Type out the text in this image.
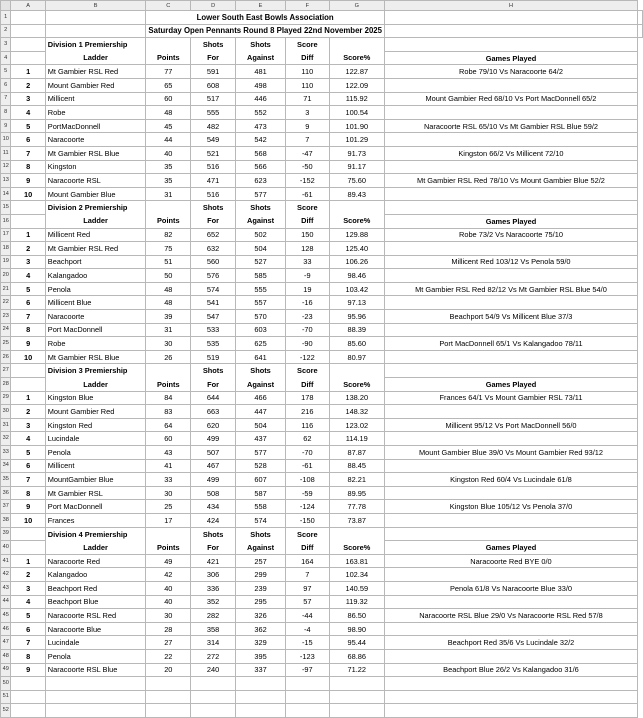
	A	B	C	D	E	F	G	H	
1			Lower South East Bowls Association						
2			Saturday Open Pennants Round 8 Played 22nd November 2025						
3		Division 1 Premiership		Shots	Shots	Score			
4		Ladder	Points	For	Against	Diff	Score%	Games Played	
5	1	Mt Gambier RSL Red	77	591	481	110	122.87	Robe 79/10 Vs Naracoorte 64/2	
6	2	Mount Gambier Red	65	608	498	110	122.09		
7	3	Millicent	60	517	446	71	115.92	Mount Gambier Red 68/10 Vs Port MacDonnell 65/2	
8	4	Robe	48	555	552	3	100.54		
9	5	PortMacDonnell	45	482	473	9	101.90	Naracoorte RSL 65/10 Vs Mt Gambier RSL Blue 59/2	
10	6	Naracoorte	44	549	542	7	101.29		
11	7	Mt Gambier RSL Blue	40	521	568	-47	91.73	Kingston 66/2 Vs Millicent 72/10	
12	8	Kingston	35	516	566	-50	91.17		
13	9	Naracoorte RSL	35	471	623	-152	75.60	Mt Gambier RSL Red 78/10 Vs Mount Gambier Blue 52/2	
14	10	Mount Gambier Blue	31	516	577	-61	89.43		
15		Division 2 Premiership		Shots	Shots	Score			
16		Ladder	Points	For	Against	Diff	Score%	Games Played	
17	1	Millicent Red	82	652	502	150	129.88	Robe 73/2 Vs Naracoorte 75/10	
18	2	Mt Gambier RSL Red	75	632	504	128	125.40		
19	3	Beachport	51	560	527	33	106.26	Millicent Red 103/12 Vs Penola 59/0	
20	4	Kalangadoo	50	576	585	-9	98.46		
21	5	Penola	48	574	555	19	103.42	Mt Gambier RSL Red 82/12 Vs Mt Gambier RSL Blue 54/0	
22	6	Millicent Blue	48	541	557	-16	97.13		
23	7	Naracoorte	39	547	570	-23	95.96	Beachport 54/9 Vs Millicent Blue 37/3	
24	8	Port MacDonnell	31	533	603	-70	88.39		
25	9	Robe	30	535	625	-90	85.60	Port MacDonnell 65/1 Vs Kalangadoo 78/11	
26	10	Mt Gambier RSL Blue	26	519	641	-122	80.97		
27		Division 3 Premiership		Shots	Shots	Score			
28		Ladder	Points	For	Against	Diff	Score%	Games Played	
29	1	Kingston Blue	84	644	466	178	138.20	Frances 64/1 Vs Mount Gambier RSL 73/11	
30	2	Mount Gambier Red	83	663	447	216	148.32		
31	3	Kingston Red	64	620	504	116	123.02	Millicent 95/12 Vs Port MacDonnell 56/0	
32	4	Lucindale	60	499	437	62	114.19		
33	5	Penola	43	507	577	-70	87.87	Mount Gambier Blue 39/0 Vs Mount Gambier Red 93/12	
34	6	Millicent	41	467	528	-61	88.45		
35	7	MountGambier Blue	33	499	607	-108	82.21	Kingston Red 60/4 Vs Lucindale 61/8	
36	8	Mt Gambier RSL	30	508	587	-59	89.95		
37	9	Port MacDonnell	25	434	558	-124	77.78	Kingston Blue 105/12 Vs Penola 37/0	
38	10	Frances	17	424	574	-150	73.87		
39		Division 4 Premiership		Shots	Shots	Score			
40		Ladder	Points	For	Against	Diff	Score%	Games Played	
41	1	Naracoorte Red	49	421	257	164	163.81	Naracoorte Red BYE 0/0	
42	2	Kalangadoo	42	306	299	7	102.34		
43	3	Beachport Red	40	336	239	97	140.59	Penola 61/8 Vs Naracoorte Blue 33/0	
44	4	Beachport Blue	40	352	295	57	119.32		
45	5	Naracoorte RSL Red	30	282	326	-44	86.50	Naracoorte RSL Blue 29/0 Vs Naracoorte RSL Red 57/8	
46	6	Naracoorte Blue	28	358	362	-4	98.90		
47	7	Lucindale	27	314	329	-15	95.44	Beachport Red 35/6 Vs Lucindale 32/2	
48	8	Penola	22	272	395	-123	68.86		
49	9	Naracoorte RSL Blue	20	240	337	-97	71.22	Beachport Blue 26/2 Vs Kalangadoo 31/6	
50									
51									
52									
